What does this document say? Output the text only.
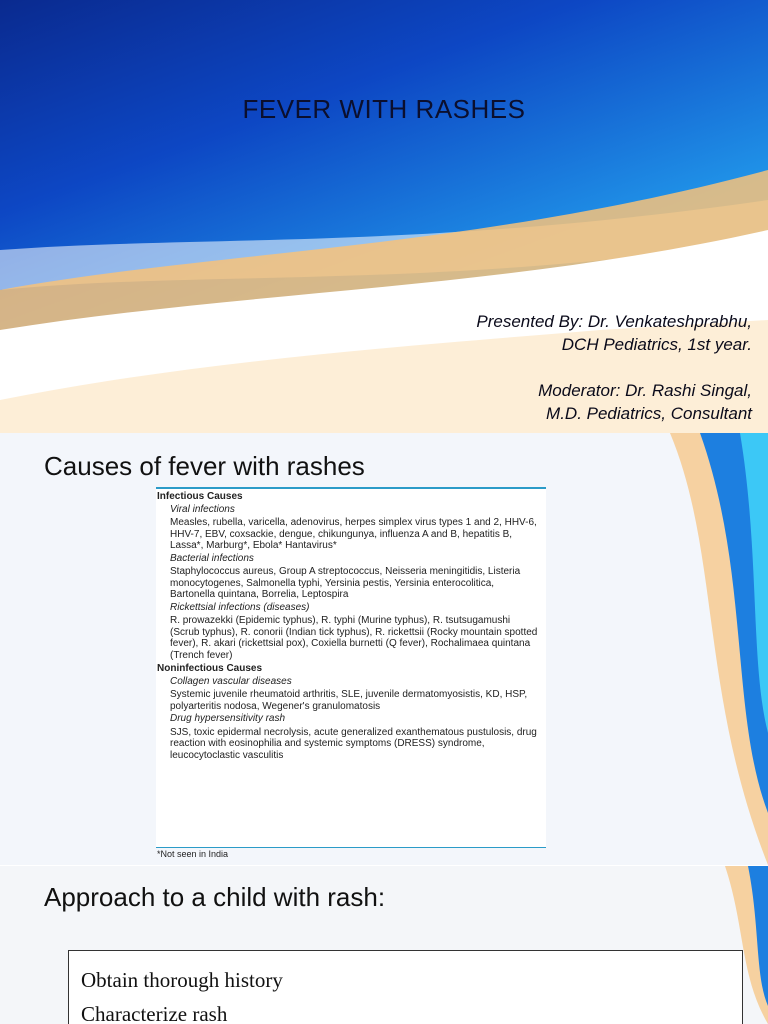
FEVER WITH RASHES

Presented By: Dr. Venkateshprabhu,

DCH Pediatrics, 1st year.

Moderator: Dr. Rashi Singal,

M.D. Pediatrics, Consultant

Causes of fever with rashes
Infectious Causes
Viral infections
Measles, rubella, varicella, adenovirus, herpes simplex virus types 1 and 2, HHV-6, HHV-7, EBV, coxsackie, dengue, chikungunya, influenza A and B, hepatitis B, Lassa*, Marburg*, Ebola* Hantavirus*
Bacterial infections
Staphylococcus aureus, Group A streptococcus, Neisseria meningitidis, Listeria monocytogenes, Salmonella typhi, Yersinia pestis, Yersinia enterocolitica, Bartonella quintana, Borrelia, Leptospira
Rickettsial infections (diseases)
R. prowazekki (Epidemic typhus), R. typhi (Murine typhus), R. tsutsugamushi (Scrub typhus), R. conorii (Indian tick typhus), R. rickettsii (Rocky mountain spotted fever), R. akari (rickettsial pox), Coxiella burnetti (Q fever), Rochalimaea quintana (Trench fever)
Noninfectious Causes
Collagen vascular diseases
Systemic juvenile rheumatoid arthritis, SLE, juvenile dermatomyosistis, KD, HSP, polyarteritis nodosa, Wegener's granulomatosis
Drug hypersensitivity rash
SJS, toxic epidermal necrolysis, acute generalized exanthematous pustulosis, drug reaction with eosinophilia and systemic symptoms (DRESS) syndrome, leucocytoclastic vasculitis
*Not seen in India
Approach to a child with rash:
Obtain thorough history
Characterize rash
